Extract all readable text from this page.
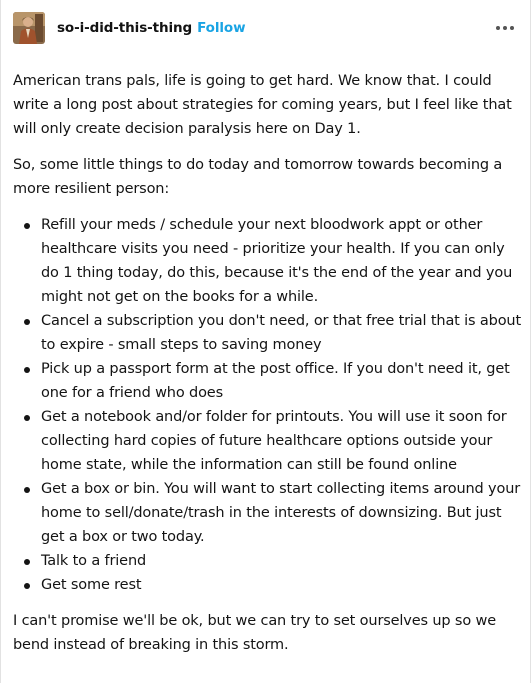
so-i-did-this-thing Follow

American trans pals, life is going to get hard. We know that. I could write a long post about strategies for coming years, but I feel like that will only create decision paralysis here on Day 1.

So, some little things to do today and tomorrow towards becoming a more resilient person:

Refill your meds / schedule your next bloodwork appt or other healthcare visits you need - prioritize your health. If you can only do 1 thing today, do this, because it's the end of the year and you might not get on the books for a while.
Cancel a subscription you don't need, or that free trial that is about to expire - small steps to saving money
Pick up a passport form at the post office. If you don't need it, get one for a friend who does
Get a notebook and/or folder for printouts. You will use it soon for collecting hard copies of future healthcare options outside your home state, while the information can still be found online
Get a box or bin. You will want to start collecting items around your home to sell/donate/trash in the interests of downsizing. But just get a box or two today.
Talk to a friend
Get some rest

I can't promise we'll be ok, but we can try to set ourselves up so we bend instead of breaking in this storm.
